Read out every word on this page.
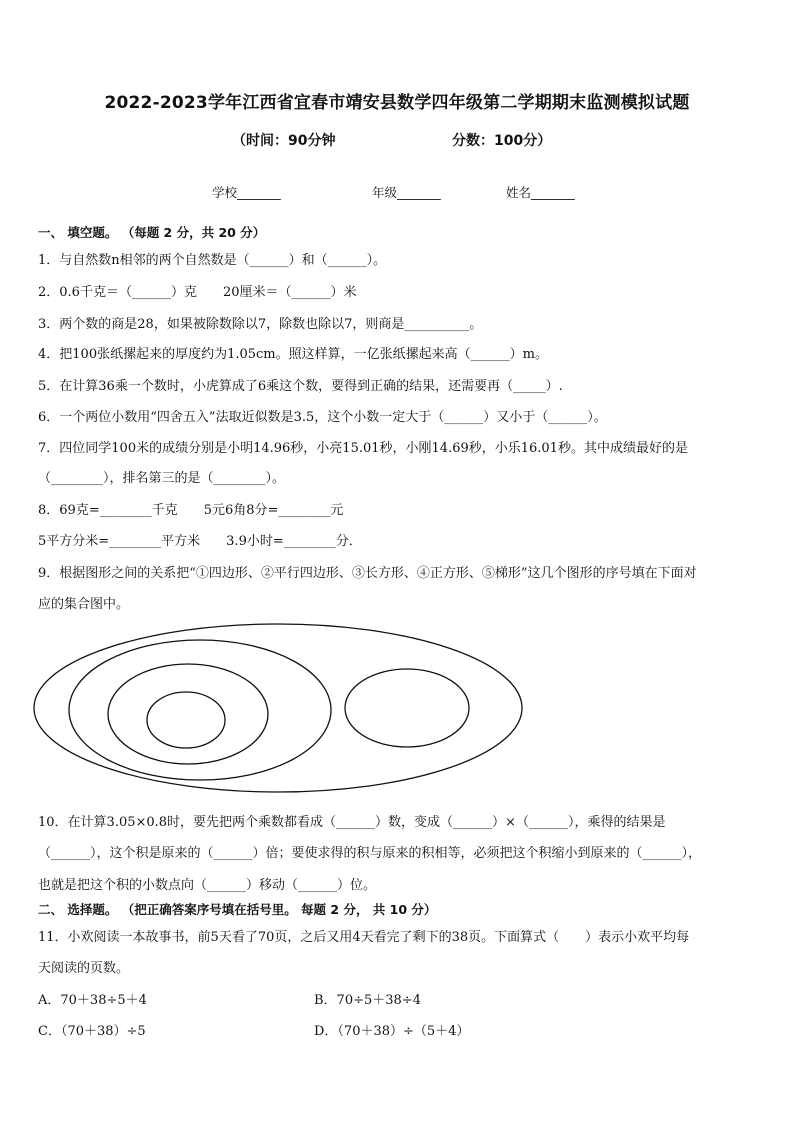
2022-2023学年江西省宜春市靖安县数学四年级第二学期期末监测模拟试题
（时间：90分钟	分数：100分）
学校_______	年级_______	姓名_______
一、 填空题。 （每题 2 分，共 20 分）
1．与自然数n相邻的两个自然数是（______）和（______）。
2．0.6千克＝（______）克　　20厘米＝（______）米
3．两个数的商是28，如果被除数除以7，除数也除以7，则商是__________。
4．把100张纸摞起来的厚度约为1.05cm。照这样算，一亿张纸摞起来高（______）m。
5．在计算36乘一个数时，小虎算成了6乘这个数，要得到正确的结果，还需要再（_____）.
6．一个两位小数用“四舍五入”法取近似数是3.5，这个小数一定大于（______）又小于（______）。
7．四位同学100米的成绩分别是小明14.96秒，小亮15.01秒，小刚14.69秒，小乐16.01秒。其中成绩最好的是
（________），排名第三的是（________）。
8．69克=________千克　　5元6角8分=________元
5平方分米=________平方米　　3.9小时=________分．
9．根据图形之间的关系把“①四边形、②平行四边形、③长方形、④正方形、⑤梯形”这几个图形的序号填在下面对
应的集合图中。
10．在计算3.05×0.8时，要先把两个乘数都看成（______）数，变成（______）×（______），乘得的结果是
（______），这个积是原来的（______）倍；要使求得的积与原来的积相等，必须把这个积缩小到原来的（______），
也就是把这个积的小数点向（______）移动（______）位。
二、 选择题。 （把正确答案序号填在括号里。 每题 2 分， 共 10 分）
11．小欢阅读一本故事书，前5天看了70页，之后又用4天看完了剩下的38页。下面算式（　　）表示小欢平均每
天阅读的页数。
A．70＋38÷5＋4	B．70÷5＋38÷4
C．（70＋38）÷5	D．（70＋38）÷（5＋4）
